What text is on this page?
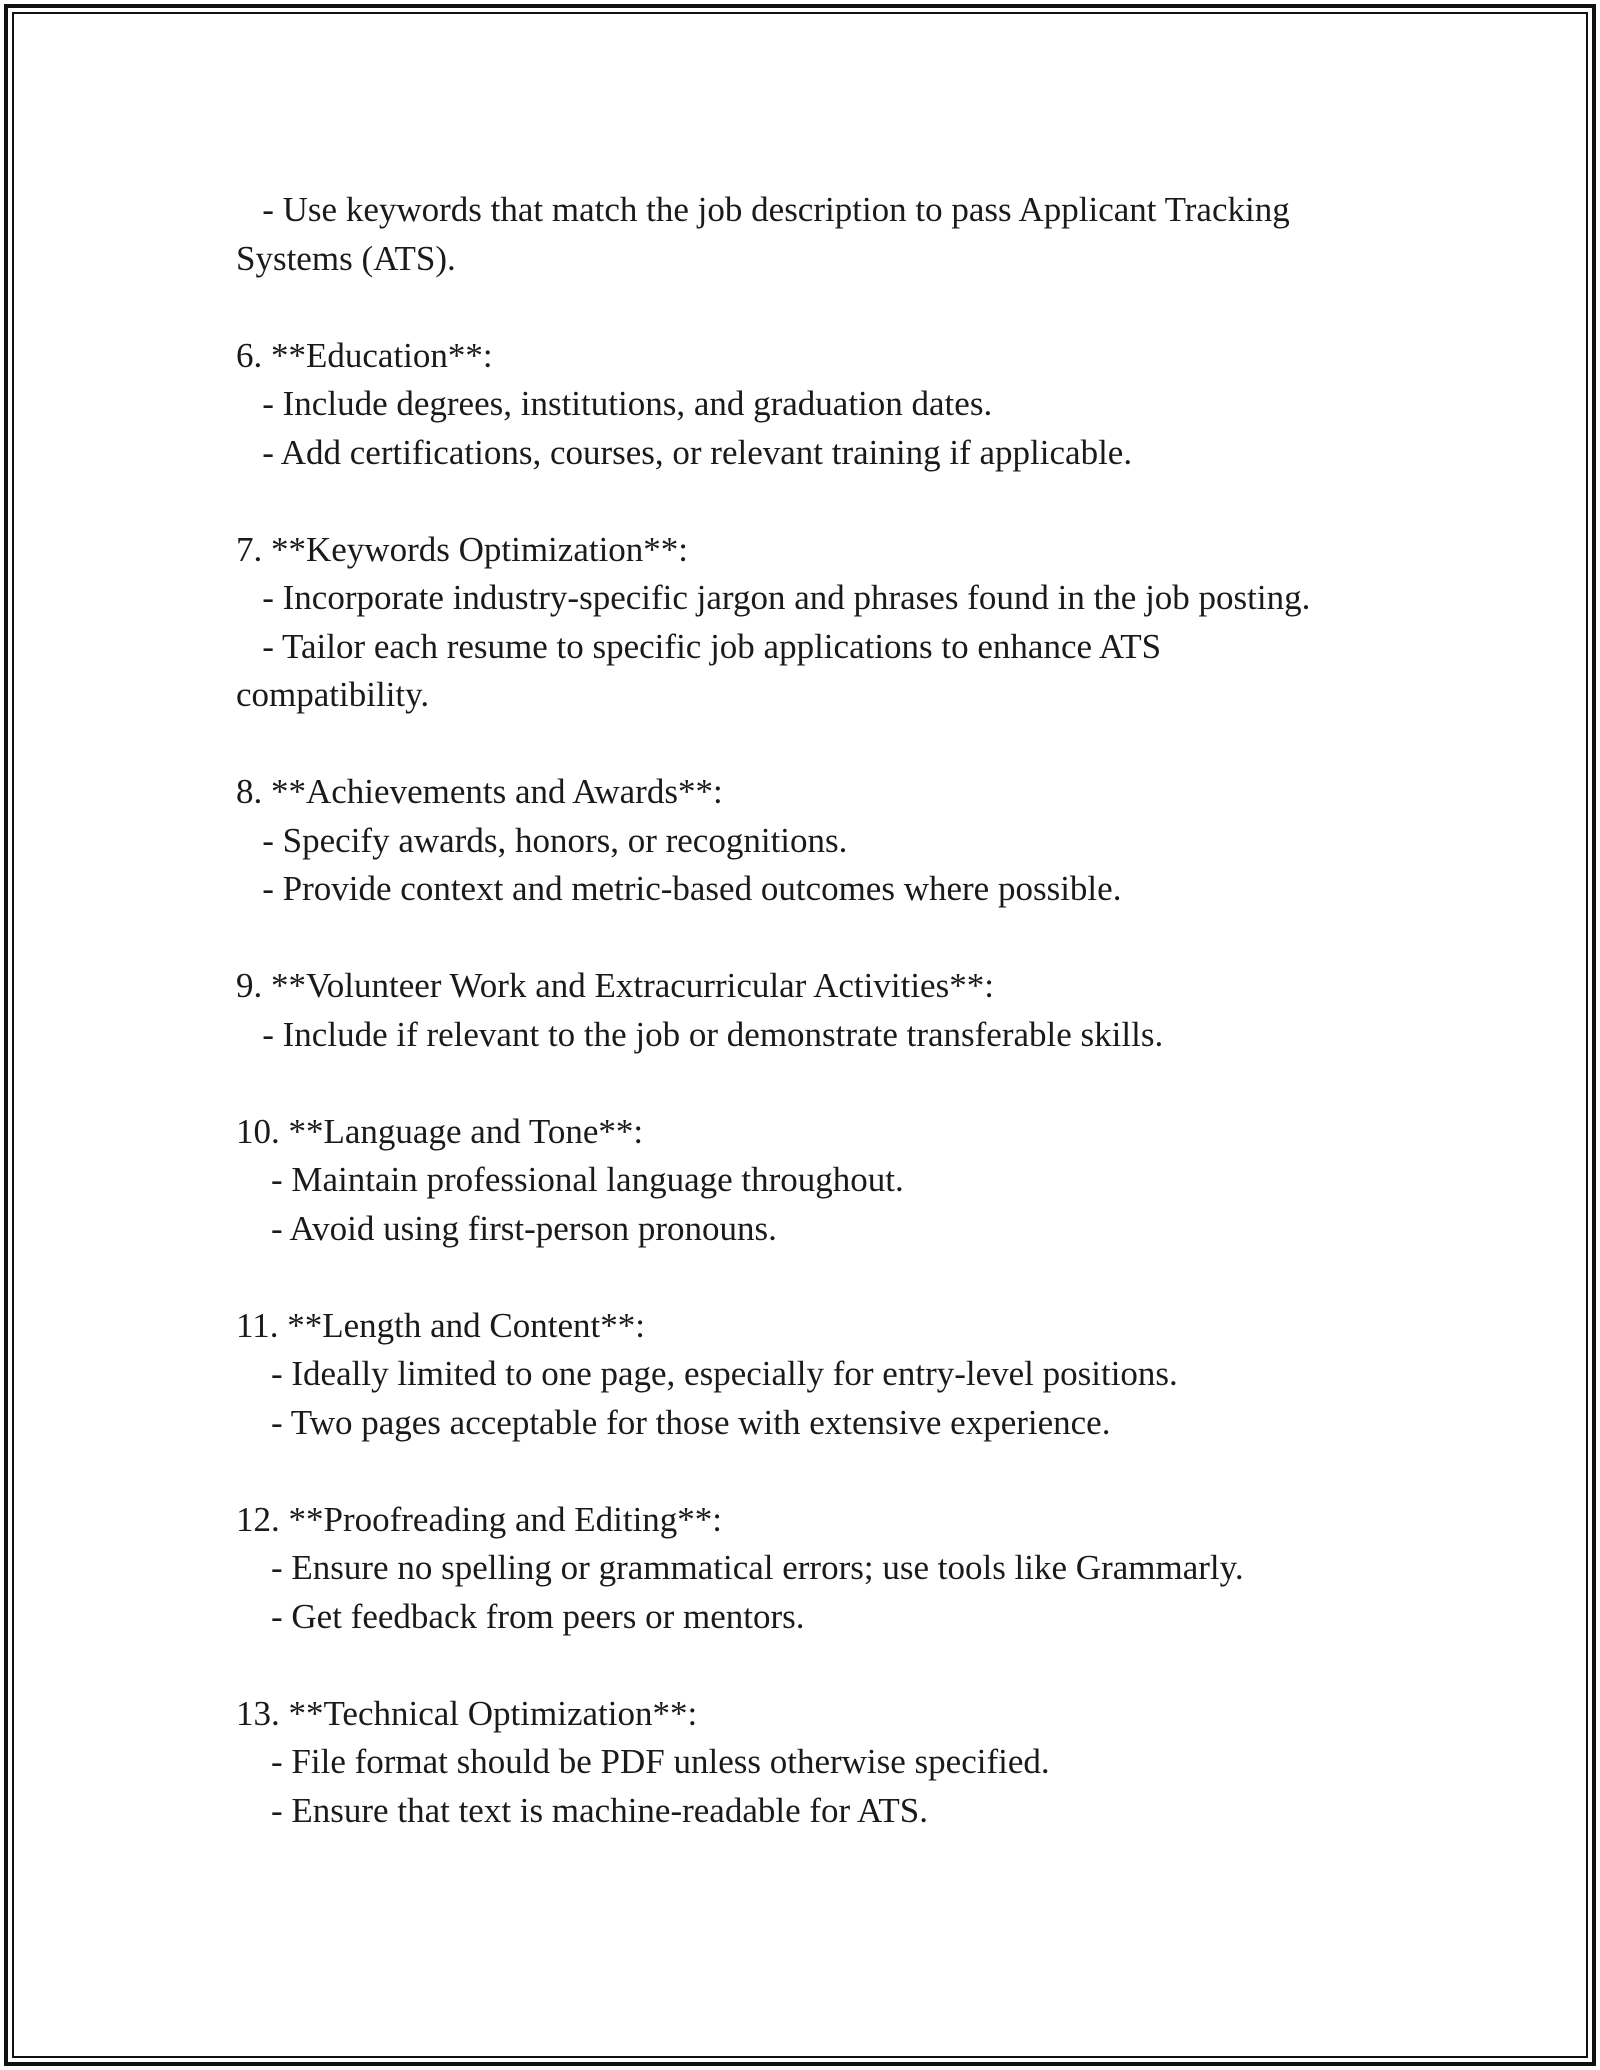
- Use keywords that match the job description to pass Applicant Tracking

Systems (ATS).

6. **Education**:

- Include degrees, institutions, and graduation dates.

- Add certifications, courses, or relevant training if applicable.

7. **Keywords Optimization**:

- Incorporate industry-specific jargon and phrases found in the job posting.

- Tailor each resume to specific job applications to enhance ATS

compatibility.

8. **Achievements and Awards**:

- Specify awards, honors, or recognitions.

- Provide context and metric-based outcomes where possible.

9. **Volunteer Work and Extracurricular Activities**:

- Include if relevant to the job or demonstrate transferable skills.

10. **Language and Tone**:

- Maintain professional language throughout.

- Avoid using first-person pronouns.

11. **Length and Content**:

- Ideally limited to one page, especially for entry-level positions.

- Two pages acceptable for those with extensive experience.

12. **Proofreading and Editing**:

- Ensure no spelling or grammatical errors; use tools like Grammarly.

- Get feedback from peers or mentors.

13. **Technical Optimization**:

- File format should be PDF unless otherwise specified.

- Ensure that text is machine-readable for ATS.
